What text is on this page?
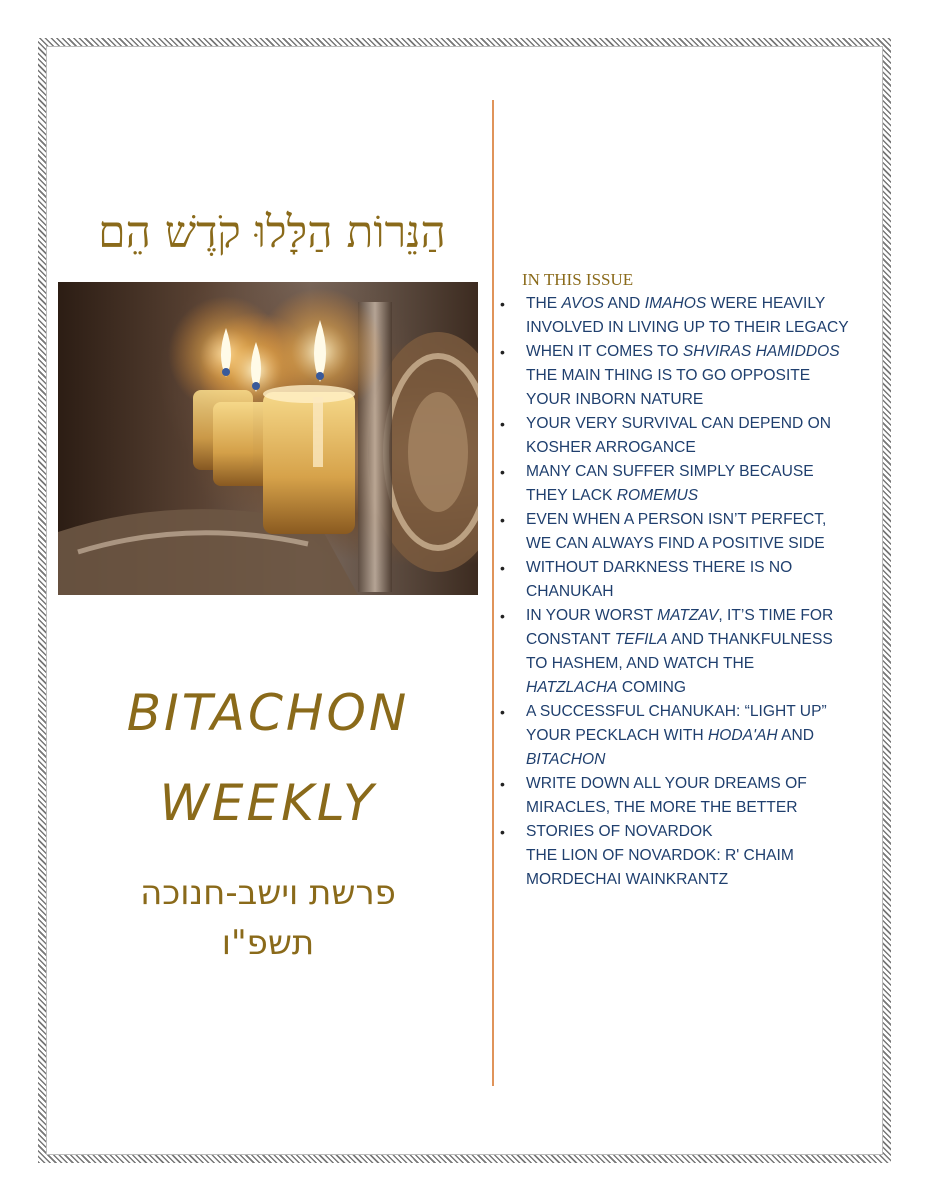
הַנֵּרוֹת הַלָּלוּ קֹדֶשׁ הֵם
BITACHON
WEEKLY
פרשת וישב-חנוכה
תשפ"ו
IN THIS ISSUE
• THE AVOS AND IMAHOS WERE HEAVILY INVOLVED IN LIVING UP TO THEIR LEGACY
• WHEN IT COMES TO SHVIRAS HAMIDDOS THE MAIN THING IS TO GO OPPOSITE YOUR INBORN NATURE
• YOUR VERY SURVIVAL CAN DEPEND ON KOSHER ARROGANCE
• MANY CAN SUFFER SIMPLY BECAUSE THEY LACK ROMEMUS
• EVEN WHEN A PERSON ISN’T PERFECT, WE CAN ALWAYS FIND A POSITIVE SIDE
• WITHOUT DARKNESS THERE IS NO CHANUKAH
• IN YOUR WORST MATZAV, IT’S TIME FOR CONSTANT TEFILA AND THANKFULNESS TO HASHEM, AND WATCH THE HATZLACHA COMING
• A SUCCESSFUL CHANUKAH: “LIGHT UP” YOUR PECKLACH WITH HODA'AH AND BITACHON
• WRITE DOWN ALL YOUR DREAMS OF MIRACLES, THE MORE THE BETTER
• STORIES OF NOVARDOK
THE LION OF NOVARDOK: R' CHAIM MORDECHAI WAINKRANTZ
